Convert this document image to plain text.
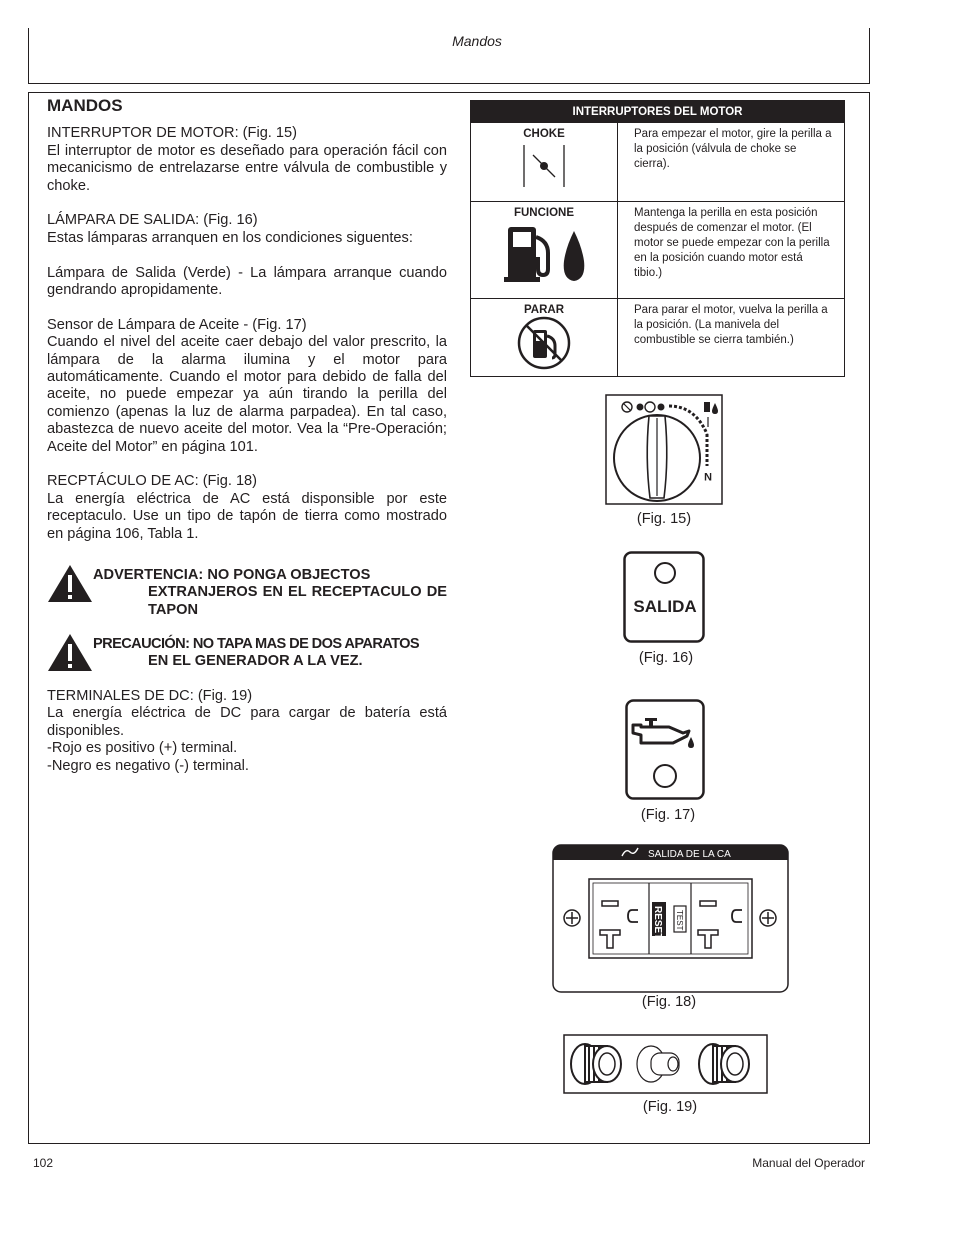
Mandos
MANDOS
INTERRUPTOR DE MOTOR: (Fig. 15)
El interruptor de motor es deseñado para operación fácil con mecanicismo de entrelazarse entre válvula de combustible y choke.
LÁMPARA DE SALIDA: (Fig. 16)
Estas lámparas arranquen en los condiciones siguentes:
Lámpara de Salida (Verde) - La lámpara arranque cuando gendrando apropidamente.
Sensor de Lámpara de Aceite - (Fig. 17)
Cuando el nivel del aceite caer debajo del valor prescrito, la lámpara de la alarma ilumina y el motor para automáticamente. Cuando el motor para debido de falla del aceite, no puede empezar ya aún tirando la perilla del comienzo (apenas la luz de alarma parpadea). En tal caso, abastezca de nuevo aceite del motor. Vea la “Pre-Operación; Aceite del Motor” en página 101.
RECPTÁCULO DE AC: (Fig. 18)
La energía eléctrica de AC está disponsible por este receptaculo. Use un tipo de tapón de tierra como mostrado en página 106, Tabla 1.
ADVERTENCIA: NO PONGA OBJECTOS
EXTRANJEROS EN EL RECEPTACULO DE TAPON
PRECAUCIÓN: NO TAPA MAS DE DOS APARATOS
EN EL GENERADOR A LA VEZ.
TERMINALES DE DC: (Fig. 19)
La energía eléctrica de DC para cargar de batería está disponibles.
-Rojo es positivo (+) terminal.
-Negro es negativo (-) terminal.
INTERRUPTORES DEL MOTOR	

CHOKE	Para empezar el motor, gire la perilla a la posición (válvula de choke se cierra).

FUNCIONE	Mantenga la perilla en esta posición después de comenzar el motor. (El motor se puede empezar con la perilla en la posición cuando motor está tibio.)

PARAR	Para parar el motor, vuelva la perilla a la posición. (La manivela del combustible se cierra también.)
N
(Fig. 15)
SALIDA
(Fig. 16)
(Fig. 17)
SALIDA DE LA CA
RESET TEST
(Fig. 18)
(Fig. 19)
102	Manual del Operador
